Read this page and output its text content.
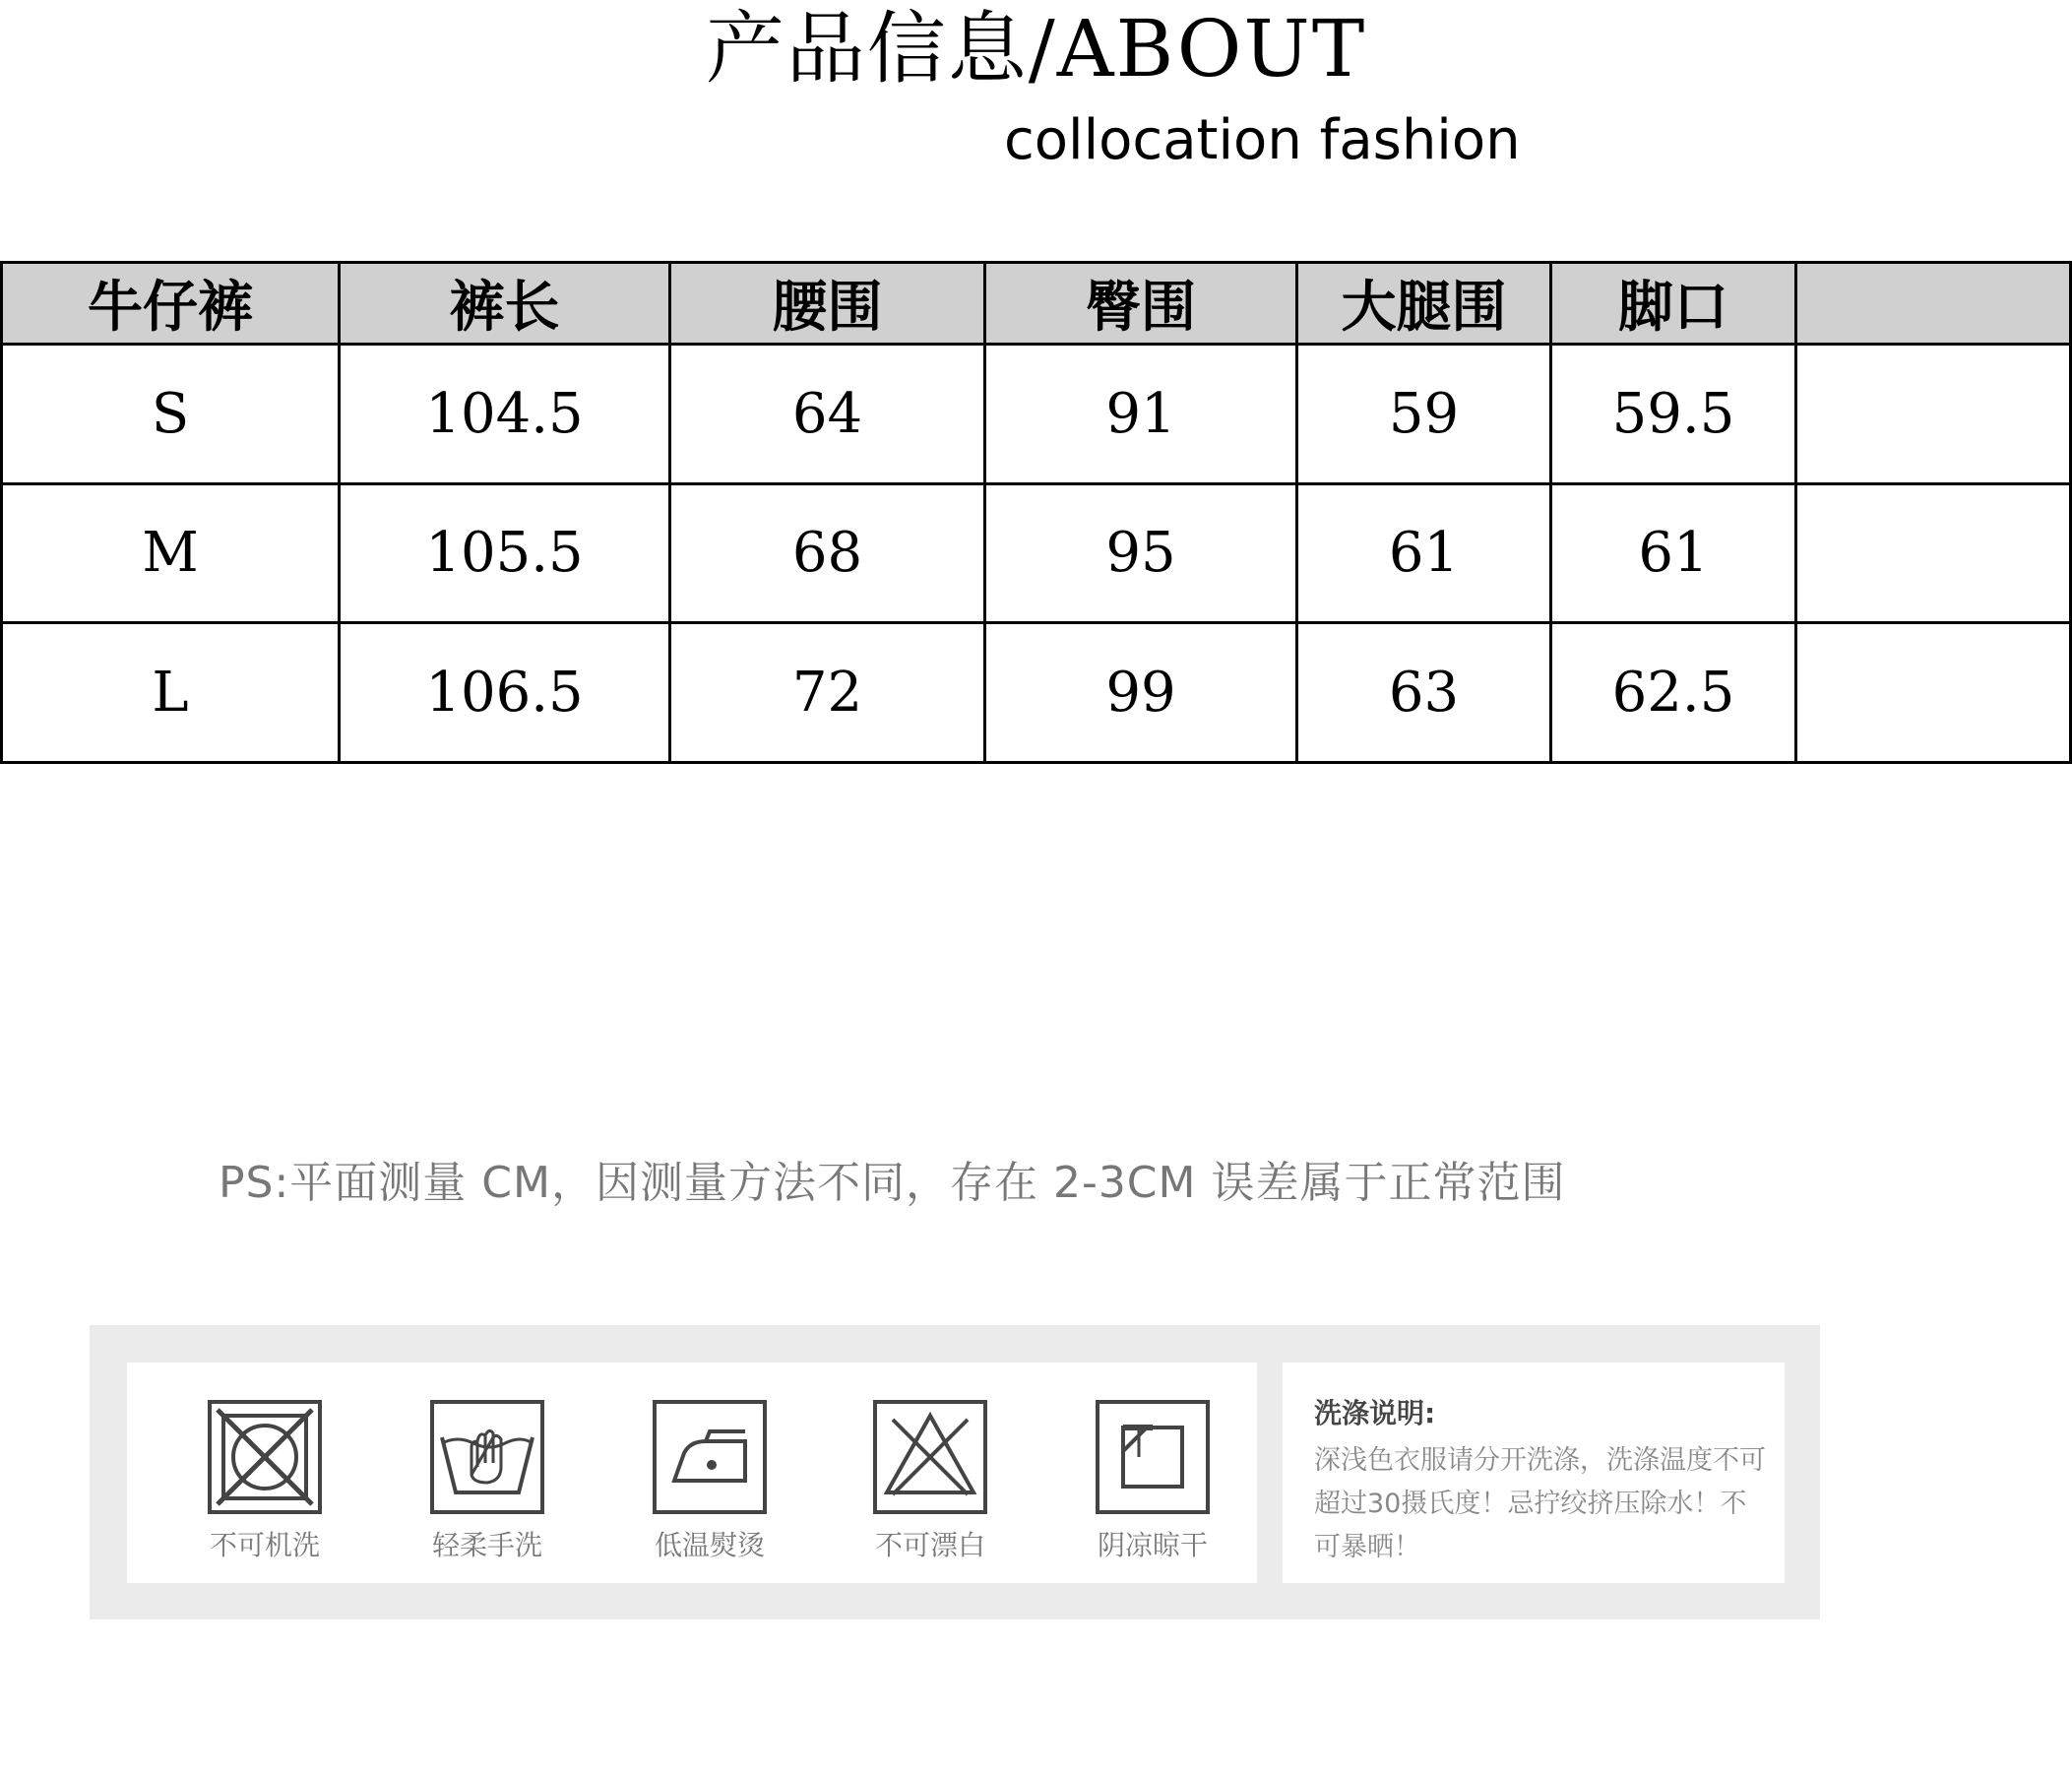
产品信息/ABOUT
collocation fashion
牛仔裤	裤长	腰围	臀围	大腿围	脚口	
S	104.5	64	91	59	59.5	
M	105.5	68	95	61	61	
L	106.5	72	99	63	62.5	
PS:平面测量 CM，因测量方法不同，存在 2-3CM 误差属于正常范围
不可机洗	轻柔手洗	低温熨烫	不可漂白	阴凉晾干
洗涤说明:
深浅色衣服请分开洗涤，洗涤温度不可超过30摄氏度！忌拧绞挤压除水！不可暴晒！
